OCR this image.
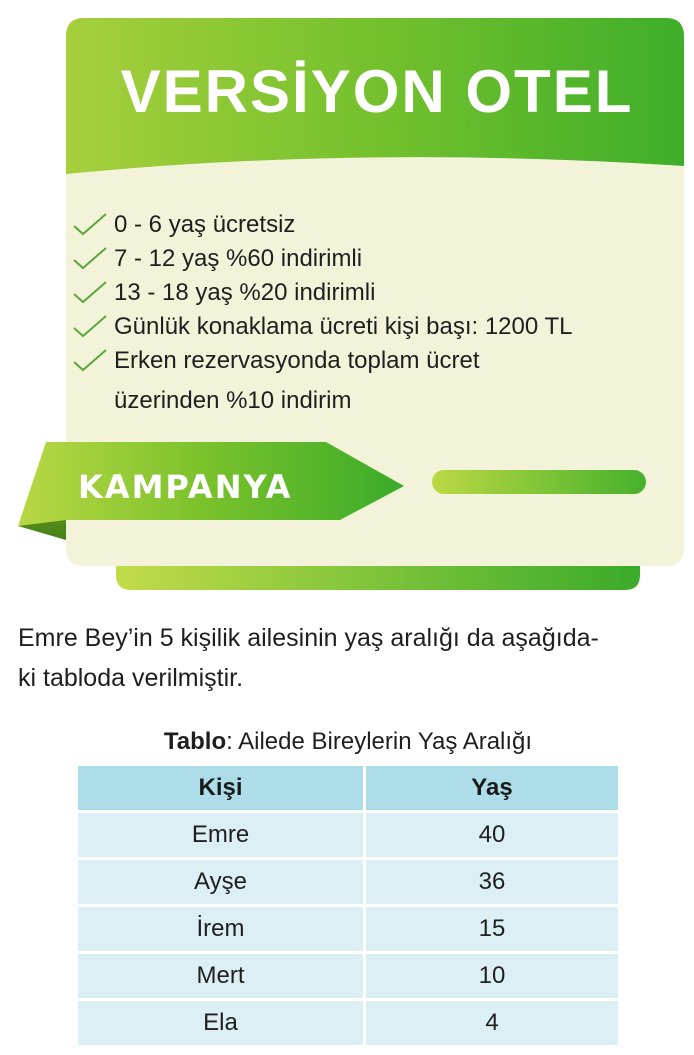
VERSİYON OTEL
0 - 6 yaş ücretsiz
7 - 12 yaş %60 indirimli
13 - 18 yaş %20 indirimli
Günlük konaklama ücreti kişi başı: 1200 TL
Erken rezervasyonda toplam ücret
üzerinden %10 indirim
KAMPANYA
Emre Bey’in 5 kişilik ailesinin yaş aralığı da aşağıda-
ki tabloda verilmiştir.
Tablo: Ailede Bireylerin Yaş Aralığı
Kişi	Yaş
Emre	40
Ayşe	36
İrem	15
Mert	10
Ela	4
